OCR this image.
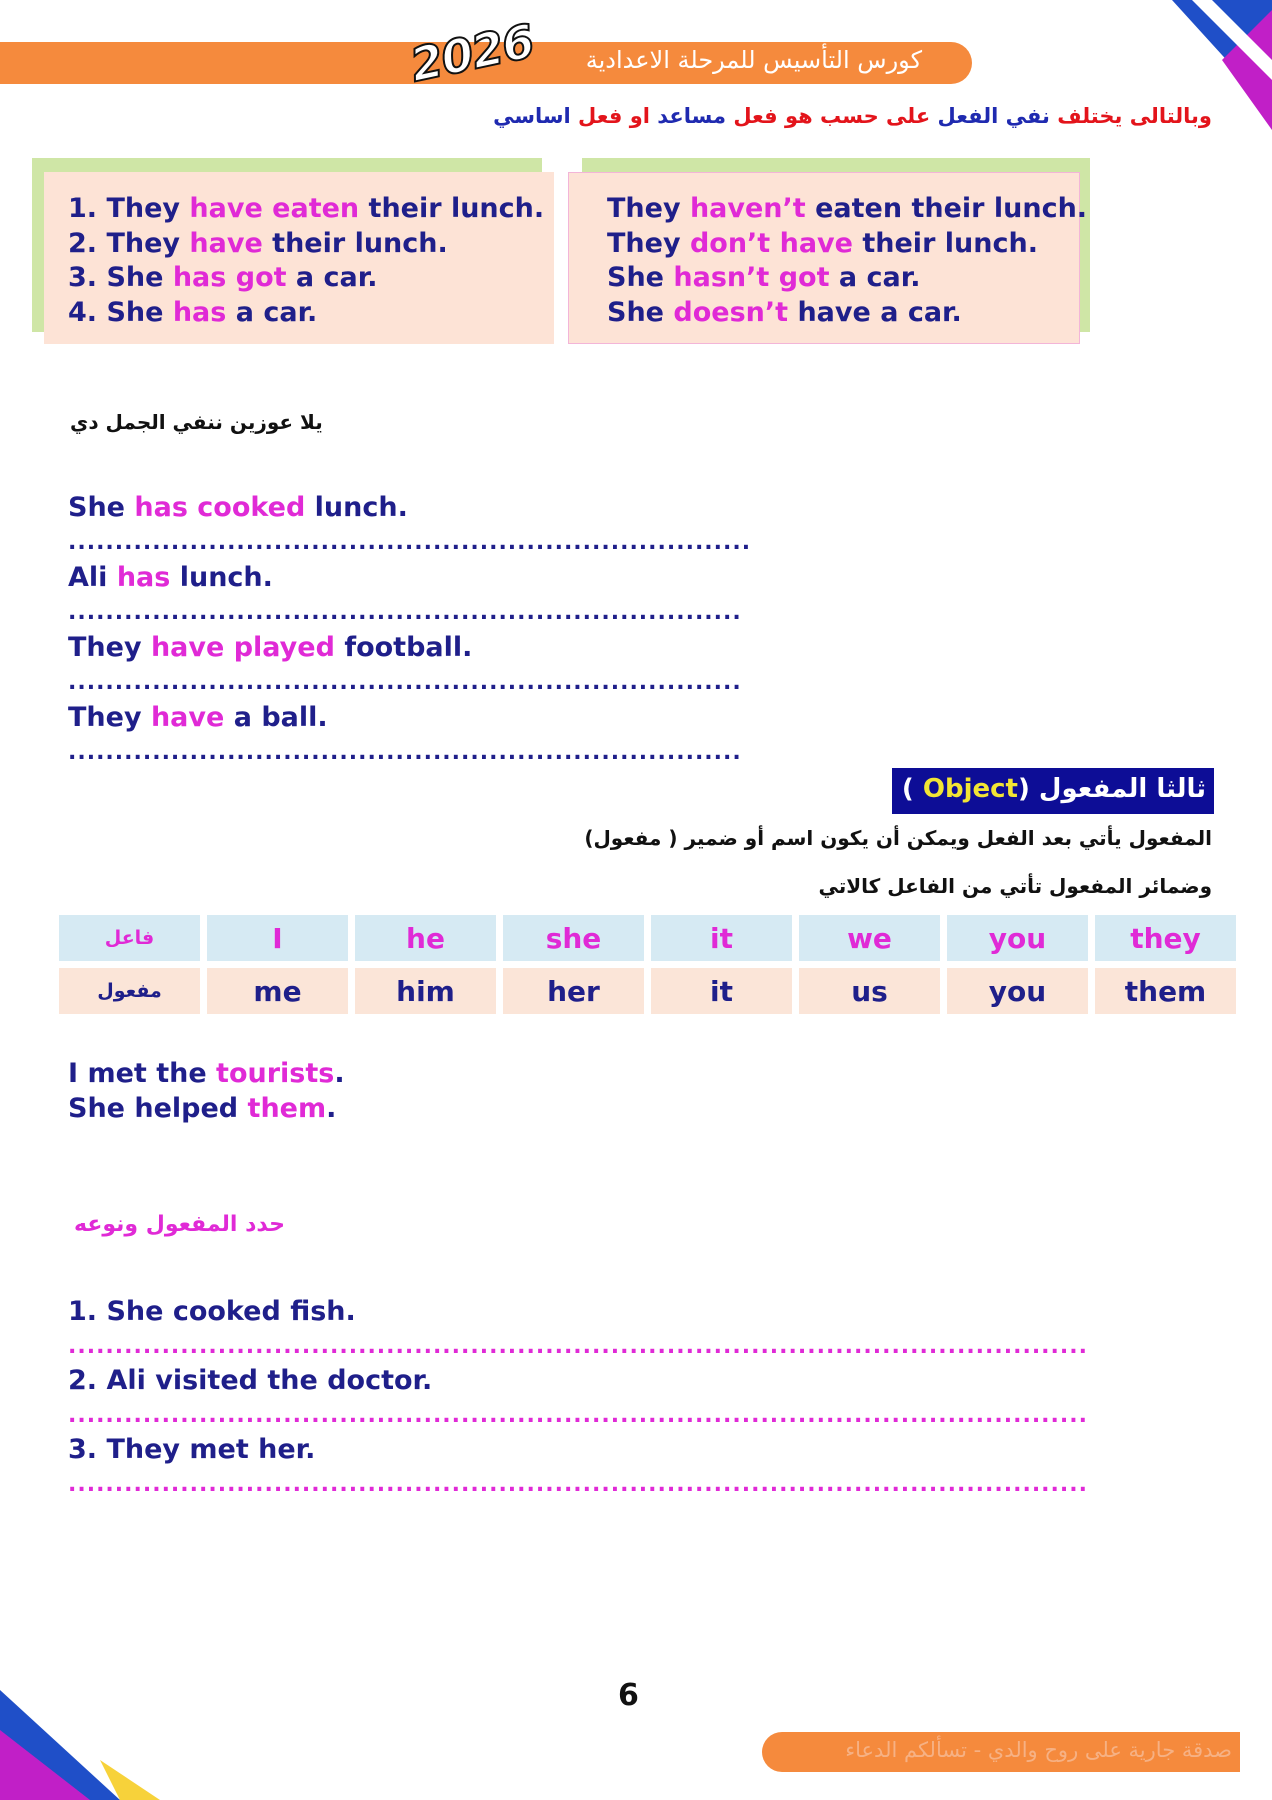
كورس التأسيس للمرحلة الاعدادية
2026
وبالتالى يختلف نفي الفعل على حسب هو فعل مساعد او فعل اساسي
1. They have eaten their lunch.
2. They have their lunch.
3. She has got a car.
4. She has a car.
They haven’t eaten their lunch.
They don’t have their lunch.
She hasn’t got a car.
She doesn’t have a car.
يلا عوزين ننفي الجمل دي
She has cooked lunch.
.........................................................................
Ali has lunch.
........................................................................
They have played football.
........................................................................
They have a ball.
........................................................................
ثالثا المفعول (Object )
المفعول يأتي بعد الفعل ويمكن أن يكون اسم أو ضمير ( مفعول)
وضمائر المفعول تأتي من الفاعل كالاتي
فاعل	I	he	she	it	we	you	they
مفعول	me	him	her	it	us	you	them
I met the tourists.
She helped them.
حدد المفعول ونوعه
1. She cooked fish.
.............................................................................................................
2. Ali visited the doctor.
.............................................................................................................
3. They met her.
.............................................................................................................
6
صدقة جارية على روح والدي - تسألكم الدعاء
